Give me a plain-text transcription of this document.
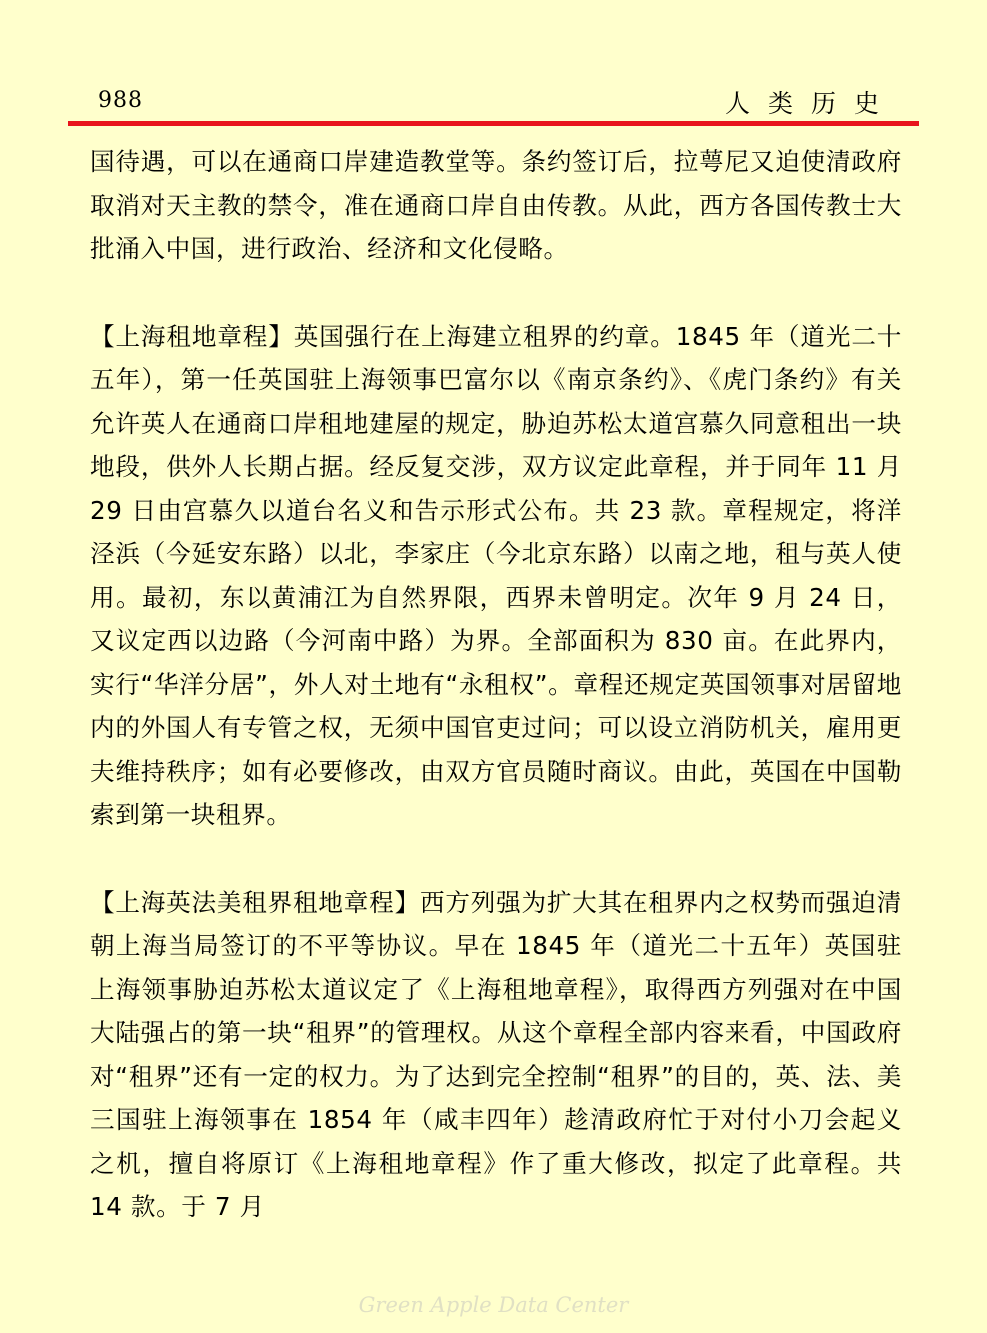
988	人类历史

国待遇，可以在通商口岸建造教堂等。条约签订后，拉萼尼又迫使清政府取消对天主教的禁令，准在通商口岸自由传教。从此，西方各国传教士大批涌入中国，进行政治、经济和文化侵略。

【上海租地章程】英国强行在上海建立租界的约章。1845 年（道光二十五年），第一任英国驻上海领事巴富尔以《南京条约》、《虎门条约》有关允许英人在通商口岸租地建屋的规定，胁迫苏松太道宫慕久同意租出一块地段，供外人长期占据。经反复交涉，双方议定此章程，并于同年 11 月 29 日由宫慕久以道台名义和告示形式公布。共 23 款。章程规定，将洋泾浜（今延安东路）以北，李家庄（今北京东路）以南之地，租与英人使用。最初，东以黄浦江为自然界限，西界未曾明定。次年 9 月 24 日，又议定西以边路（今河南中路）为界。全部面积为 830 亩。在此界内，实行“华洋分居”，外人对土地有“永租权”。章程还规定英国领事对居留地内的外国人有专管之权，无须中国官吏过问；可以设立消防机关，雇用更夫维持秩序；如有必要修改，由双方官员随时商议。由此，英国在中国勒索到第一块租界。

【上海英法美租界租地章程】西方列强为扩大其在租界内之权势而强迫清朝上海当局签订的不平等协议。早在 1845 年（道光二十五年）英国驻上海领事胁迫苏松太道议定了《上海租地章程》，取得西方列强对在中国大陆强占的第一块“租界”的管理权。从这个章程全部内容来看，中国政府对“租界”还有一定的权力。为了达到完全控制“租界”的目的，英、法、美三国驻上海领事在 1854 年（咸丰四年）趁清政府忙于对付小刀会起义之机，擅自将原订《上海租地章程》作了重大修改，拟定了此章程。共 14 款。于 7 月

Green Apple Data Center
